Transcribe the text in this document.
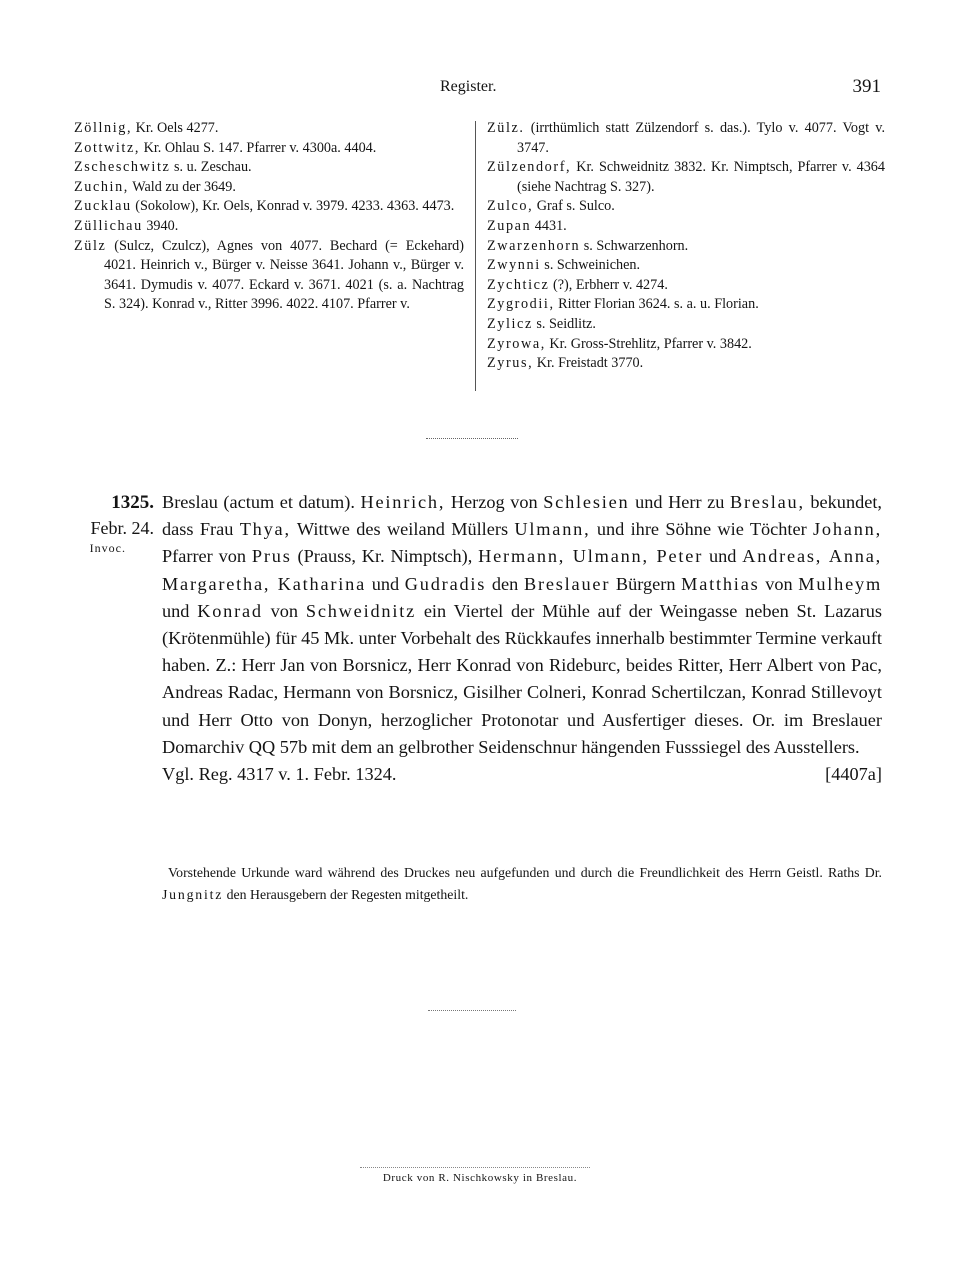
Register.	391
Zöllnig, Kr. Oels 4277.
Zottwitz, Kr. Ohlau S. 147. Pfarrer v. 4300a. 4404.
Zscheschwitz s. u. Zeschau.
Zuchin, Wald zu der 3649.
Zucklau (Sokolow), Kr. Oels, Konrad v. 3979. 4233. 4363. 4473.
Züllichau 3940.
Zülz (Sulcz, Czulcz), Agnes von 4077. Bechard (= Eckehard) 4021. Heinrich v., Bürger v. Neisse 3641. Johann v., Bürger v. 3641. Dymudis v. 4077. Eckard v. 3671. 4021 (s. a. Nachtrag S. 324). Konrad v., Ritter 3996. 4022. 4107. Pfarrer v.
Zülz. (irrthümlich statt Zülzendorf s. das.). Tylo v. 4077. Vogt v. 3747.
Zülzendorf, Kr. Schweidnitz 3832. Kr. Nimptsch, Pfarrer v. 4364 (siehe Nachtrag S. 327).
Zulco, Graf s. Sulco.
Zupan 4431.
Zwarzenhorn s. Schwarzenhorn.
Zwynni s. Schweinichen.
Zychticz (?), Erbherr v. 4274.
Zygrodii, Ritter Florian 3624. s. a. u. Florian.
Zylicz s. Seidlitz.
Zyrowa, Kr. Gross-Strehlitz, Pfarrer v. 3842.
Zyrus, Kr. Freistadt 3770.
1325.
Febr. 24.
Invoc.
Breslau (actum et datum). Heinrich, Herzog von Schlesien und Herr zu Breslau, bekundet, dass Frau Thya, Wittwe des weiland Müllers Ulmann, und ihre Söhne wie Töchter Johann, Pfarrer von Prus (Prauss, Kr. Nimptsch), Hermann, Ulmann, Peter und Andreas, Anna, Margaretha, Katharina und Gudradis den Breslauer Bürgern Matthias von Mulheym und Konrad von Schweidnitz ein Viertel der Mühle auf der Weingasse neben St. Lazarus (Krötenmühle) für 45 Mk. unter Vorbehalt des Rückkaufes innerhalb bestimmter Termine verkauft haben. Z.: Herr Jan von Borsnicz, Herr Konrad von Rideburc, beides Ritter, Herr Albert von Pac, Andreas Radac, Hermann von Borsnicz, Gisilher Colneri, Konrad Schertilczan, Konrad Stillevoyt und Herr Otto von Donyn, herzoglicher Protonotar und Ausfertiger dieses. Or. im Breslauer Domarchiv QQ 57b mit dem an gelbrother Seidenschnur hängenden Fusssiegel des Ausstellers.
Vgl. Reg. 4317 v. 1. Febr. 1324.	[4407a]
Vorstehende Urkunde ward während des Druckes neu aufgefunden und durch die Freundlichkeit des Herrn Geistl. Raths Dr. Jungnitz den Herausgebern der Regesten mitgetheilt.
Druck von R. Nischkowsky in Breslau.
